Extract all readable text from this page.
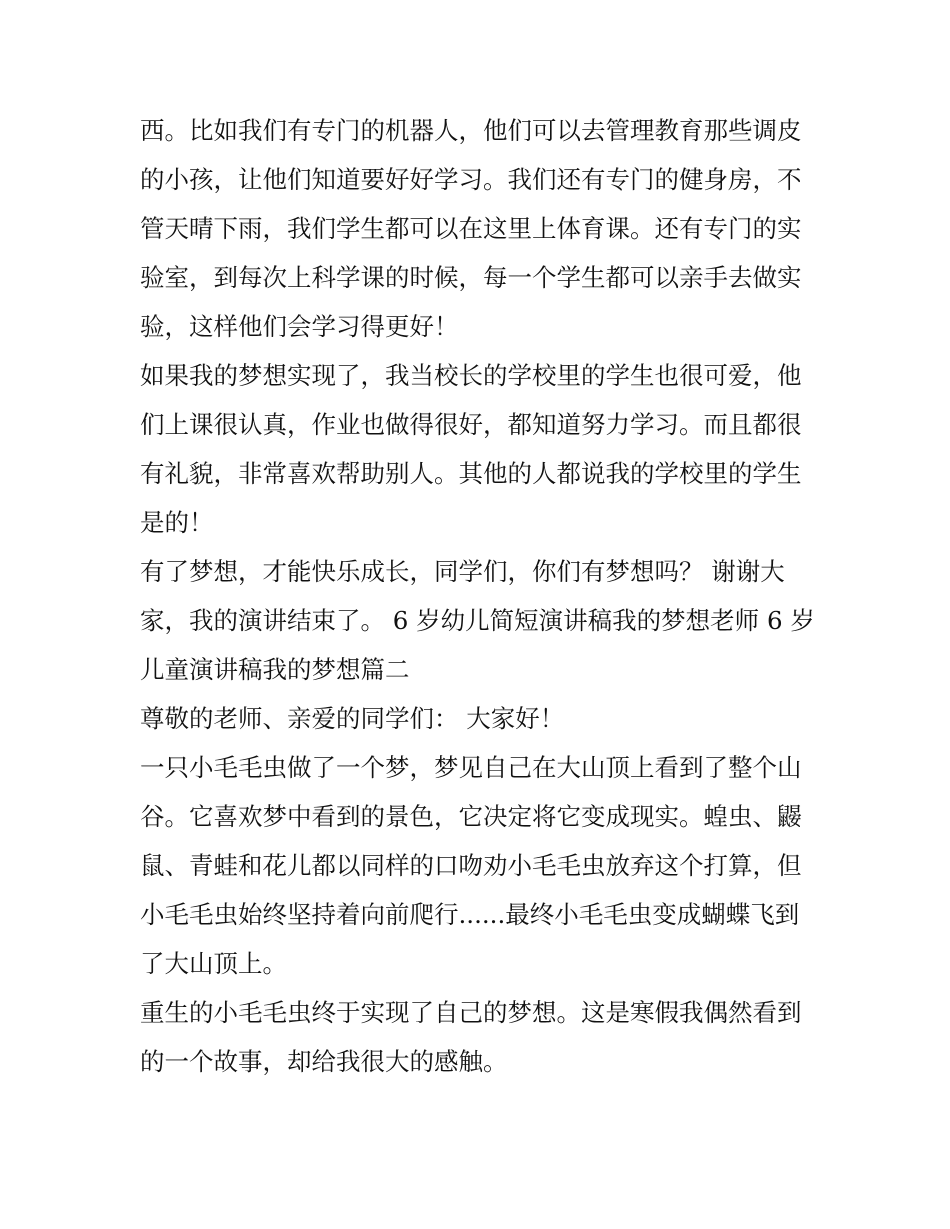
西。比如我们有专门的机器人，他们可以去管理教育那些调皮
的小孩，让他们知道要好好学习。我们还有专门的健身房，不
管天晴下雨，我们学生都可以在这里上体育课。还有专门的实
验室，到每次上科学课的时候，每一个学生都可以亲手去做实
验，这样他们会学习得更好！
如果我的梦想实现了，我当校长的学校里的学生也很可爱，他
们上课很认真，作业也做得很好，都知道努力学习。而且都很
有礼貌，非常喜欢帮助别人。其他的人都说我的学校里的学生
是的！
有了梦想，才能快乐成长，同学们，你们有梦想吗？ 谢谢大
家，我的演讲结束了。 6 岁幼儿简短演讲稿我的梦想老师 6 岁
儿童演讲稿我的梦想篇二
尊敬的老师、亲爱的同学们： 大家好！
一只小毛毛虫做了一个梦，梦见自己在大山顶上看到了整个山
谷。它喜欢梦中看到的景色，它决定将它变成现实。蝗虫、鼹
鼠、青蛙和花儿都以同样的口吻劝小毛毛虫放弃这个打算，但
小毛毛虫始终坚持着向前爬行......最终小毛毛虫变成蝴蝶飞到
了大山顶上。
重生的小毛毛虫终于实现了自己的梦想。这是寒假我偶然看到
的一个故事，却给我很大的感触。
